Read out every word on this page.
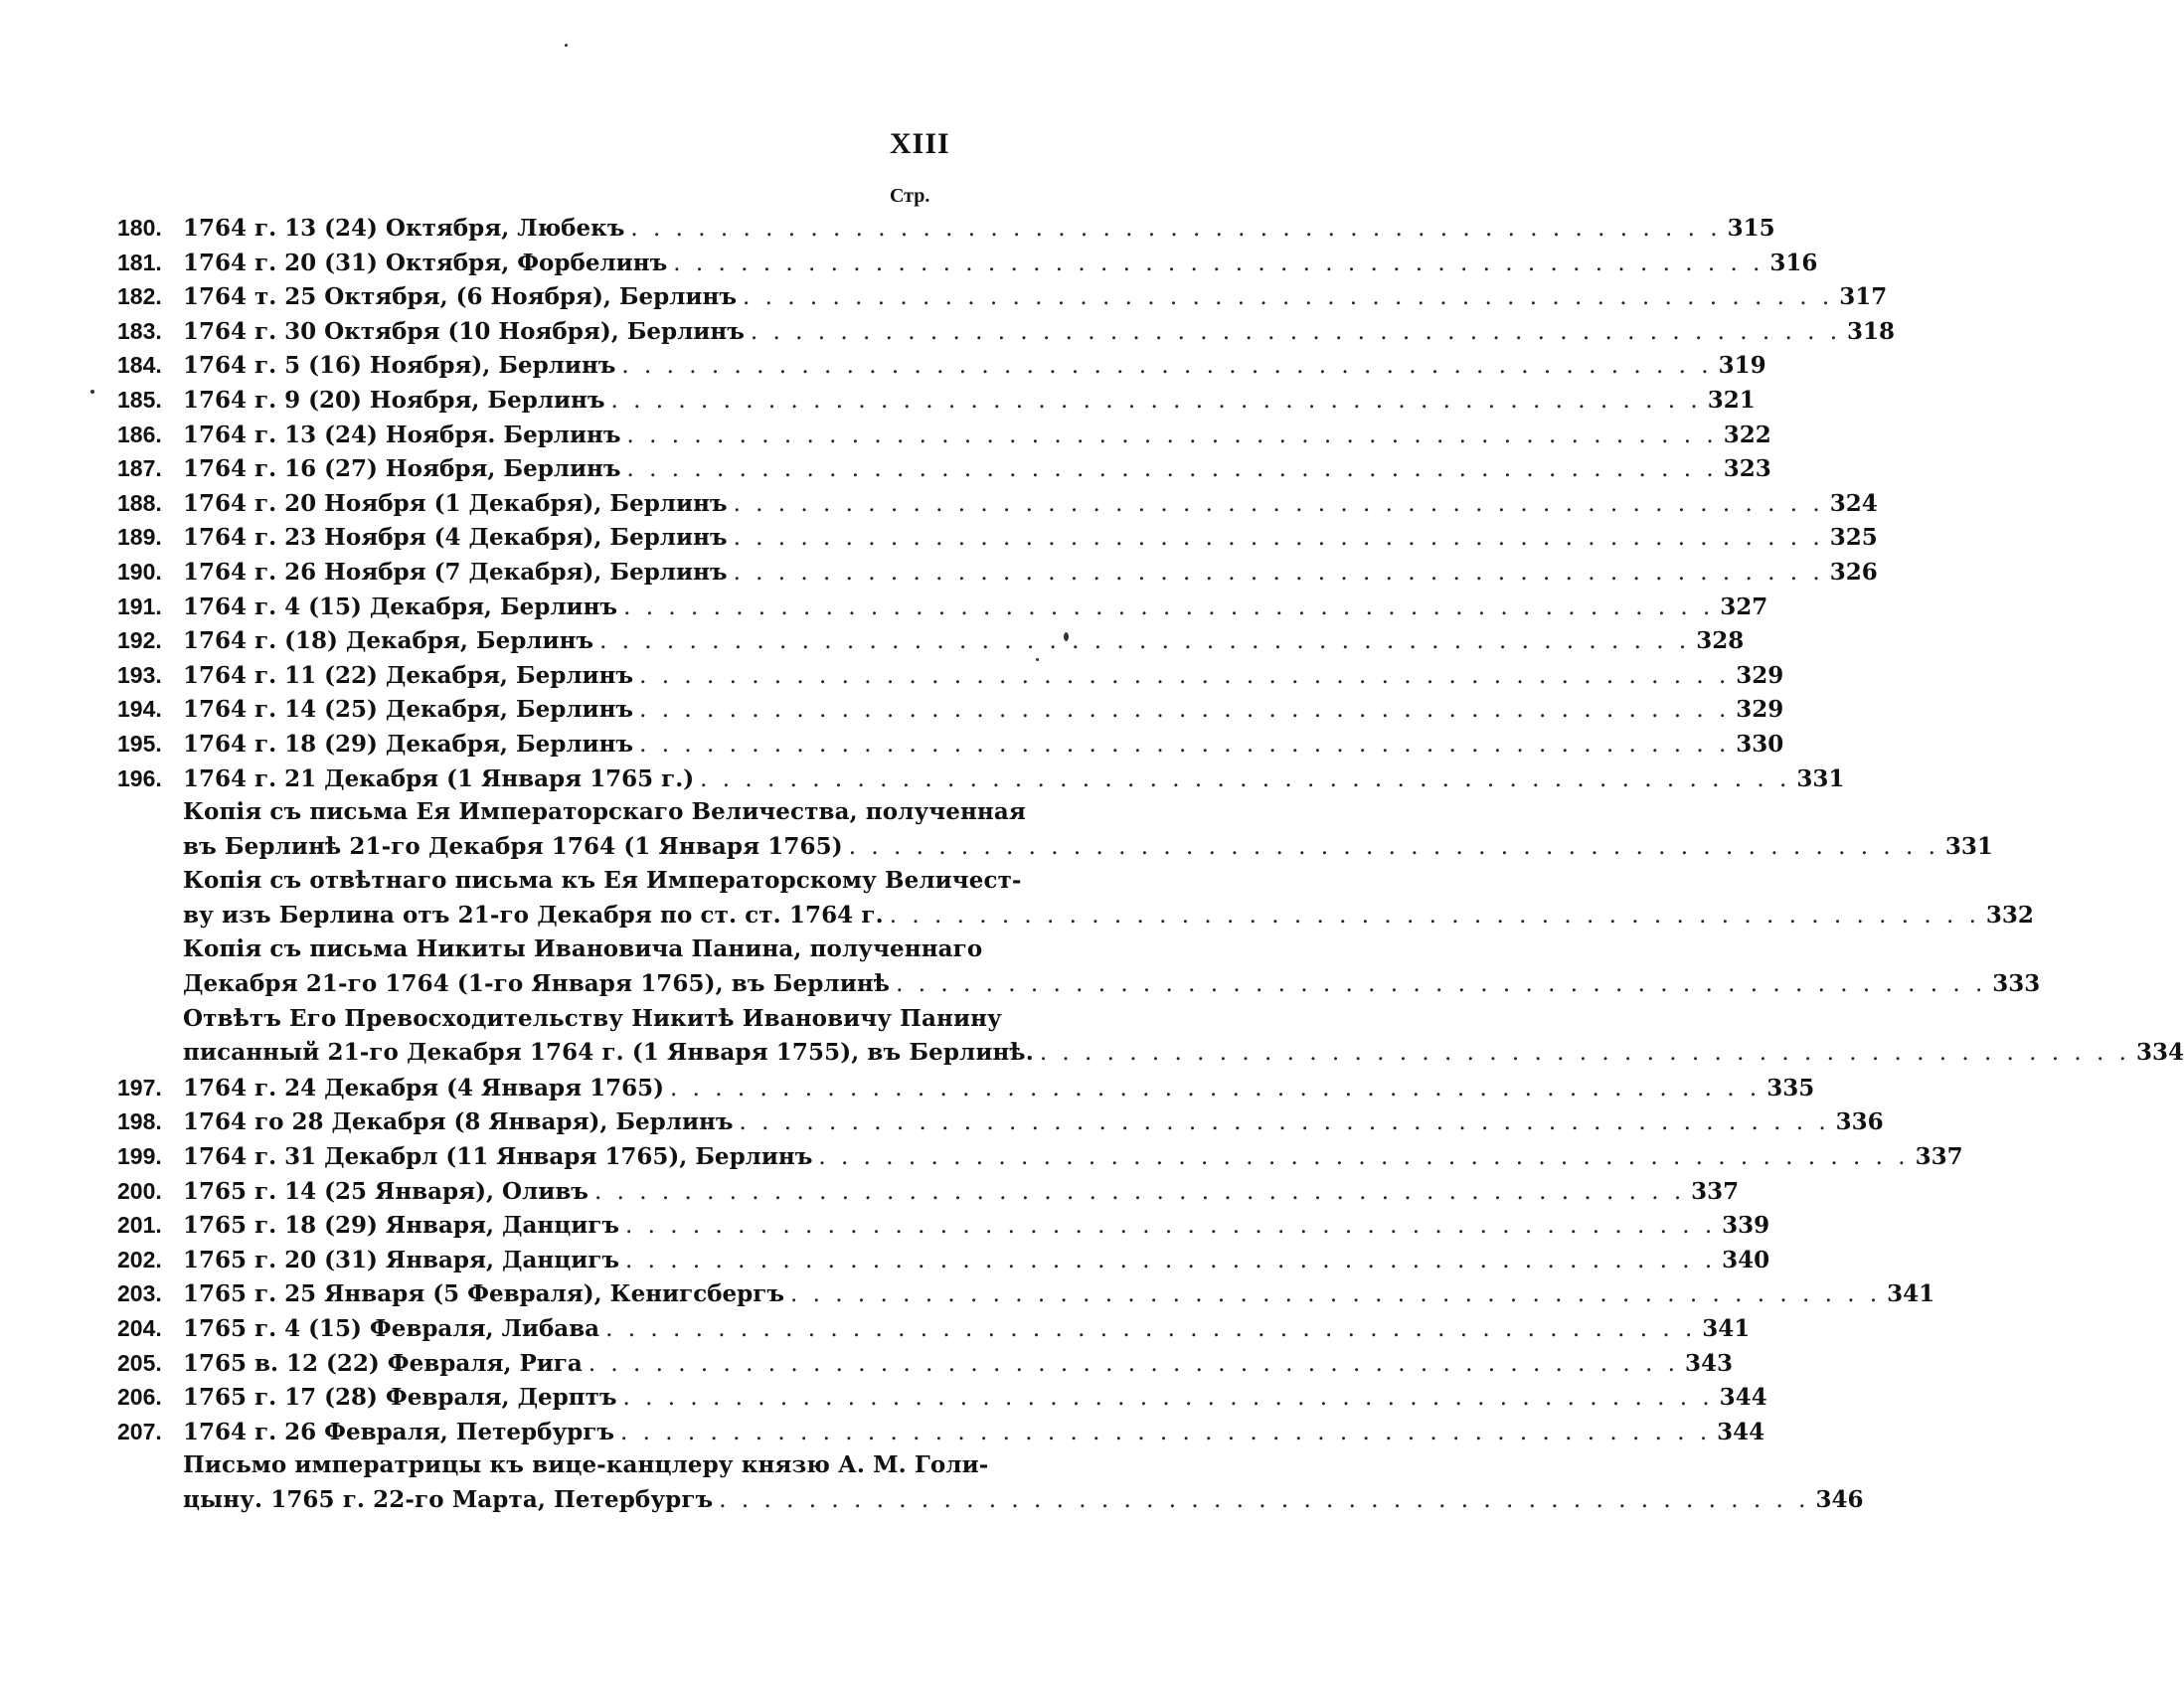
XIII
Стр.
180. 1764 г. 13 (24) Октября, Любекъ . . .	315
181. 1764 г. 20 (31) Октября, Форбелинъ . . .	316
182. 1764 т. 25 Октября, (6 Ноября), Берлинъ . . .	317
183. 1764 г. 30 Октября (10 Ноября), Берлинъ . . .	318
184. 1764 г. 5 (16) Ноября), Берлинъ . . .	319
185. 1764 г. 9 (20) Ноября, Берлинъ . . .	321
186. 1764 г. 13 (24) Ноября. Берлинъ . . .	322
187. 1764 г. 16 (27) Ноября, Берлинъ . . .	323
188. 1764 г. 20 Ноября (1 Декабря), Берлинъ . . .	324
189. 1764 г. 23 Ноября (4 Декабря), Берлинъ . . .	325
190. 1764 г. 26 Ноября (7 Декабря), Берлинъ . . .	326
191. 1764 г. 4 (15) Декабря, Берлинъ . . .	327
192. 1764 г. (18) Декабря, Берлинъ . . .	328
193. 1764 г. 11 (22) Декабря, Берлинъ . . .	329
194. 1764 г. 14 (25) Декабря, Берлинъ . . .	329
195. 1764 г. 18 (29) Декабря, Берлинъ . . .	330
196. 1764 г. 21 Декабря (1 Января 1765 г.) . . .	331
Копія съ письма Ея Императорскаго Величества, полученная
въ Берлинѣ 21-го Декабря 1764 (1 Января 1765) . . .	331
Копія съ отвѣтнаго письма къ Ея Императорскому Величест-
ву изъ Берлина отъ 21-го Декабря по ст. ст. 1764 г. . . .	332
Копія съ письма Никиты Ивановича Панина, полученнаго
Декабря 21-го 1764 (1-го Января 1765), въ Берлинѣ . . .	333
Отвѣтъ Его Превосходительству Никитѣ Ивановичу Панину
писанный 21-го Декабря 1764 г. (1 Января 1755), въ Берлинѣ. . . .	334
197. 1764 г. 24 Декабря (4 Января 1765) . . .	335
198. 1764 го 28 Декабря (8 Января), Берлинъ . . .	336
199. 1764 г. 31 Декабрл (11 Января 1765), Берлинъ . . .	337
200. 1765 г. 14 (25 Января), Оливъ . . .	337
201. 1765 г. 18 (29) Января, Данцигъ . . .	339
202. 1765 г. 20 (31) Января, Данцигъ . . .	340
203. 1765 г. 25 Января (5 Февраля), Кенигсбергъ . . .	341
204. 1765 г. 4 (15) Февраля, Либава . . .	341
205. 1765 в. 12 (22) Февраля, Рига . . .	343
206. 1765 г. 17 (28) Февраля, Дерптъ . . .	344
207. 1764 г. 26 Февраля, Петербургъ . . .	344
Письмо императрицы къ вице-канцлеру князю А. М. Голи-
цыну. 1765 г. 22-го Марта, Петербургъ . . .	346
